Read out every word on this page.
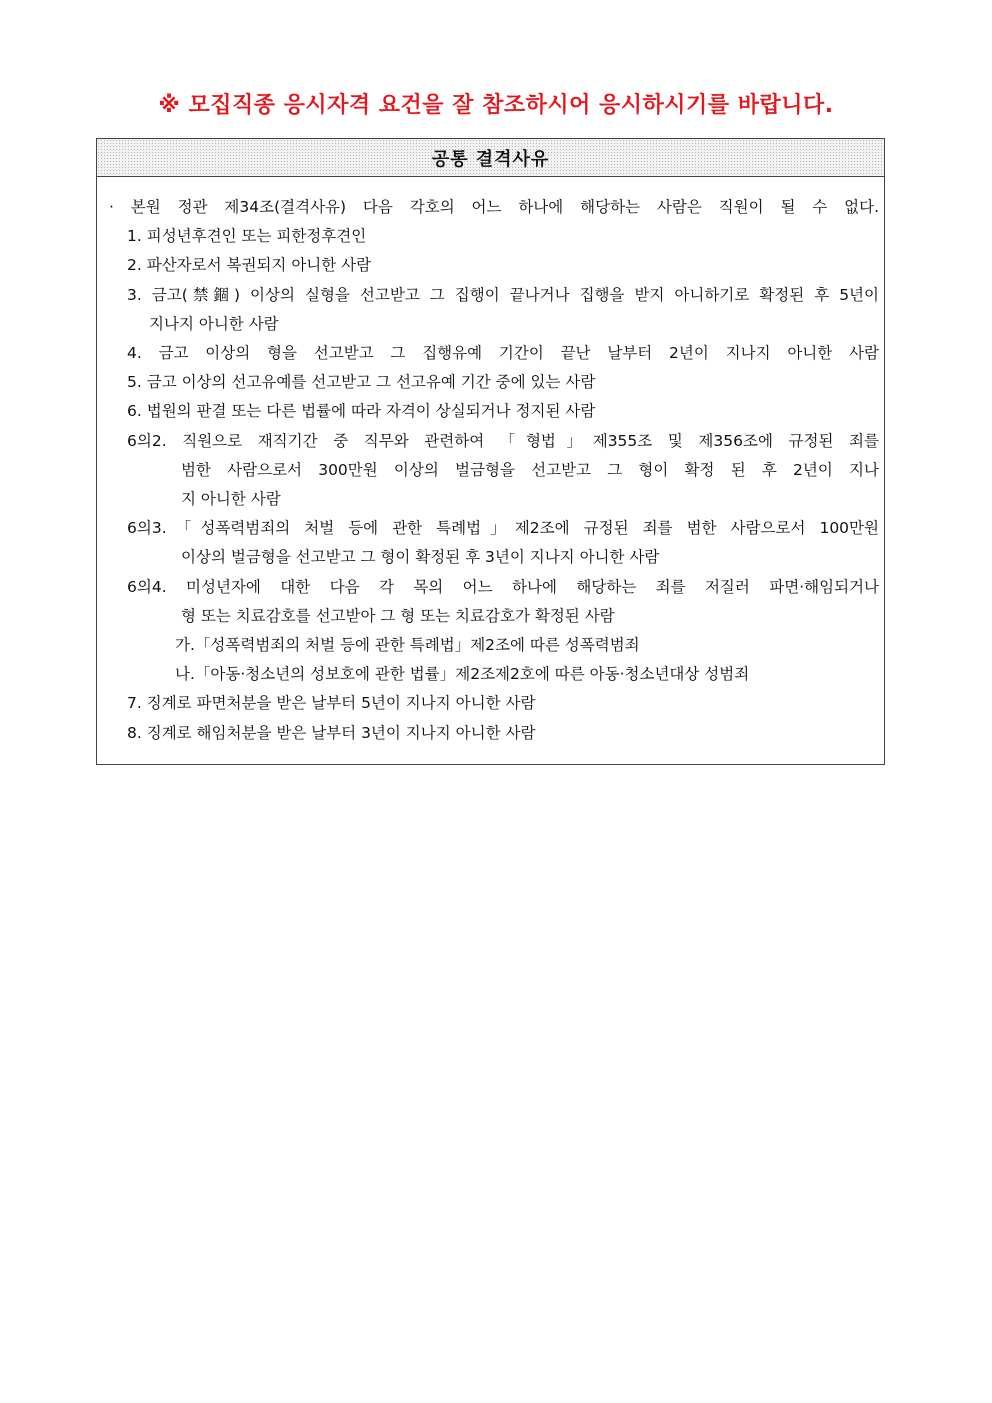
※ 모집직종 응시자격 요건을 잘 참조하시어 응시하시기를 바랍니다.
공통 결격사유
· 본원 정관 제34조(결격사유) 다음 각호의 어느 하나에 해당하는 사람은 직원이 될 수 없다.
1. 피성년후견인 또는 피한정후견인
2. 파산자로서 복권되지 아니한 사람
3. 금고(禁錮) 이상의 실형을 선고받고 그 집행이 끝나거나 집행을 받지 아니하기로 확정된 후 5년이
지나지 아니한 사람
4. 금고 이상의 형을 선고받고 그 집행유예 기간이 끝난 날부터 2년이 지나지 아니한 사람
5. 금고 이상의 선고유예를 선고받고 그 선고유예 기간 중에 있는 사람
6. 법원의 판결 또는 다른 법률에 따라 자격이 상실되거나 정지된 사람
6의2. 직원으로 재직기간 중 직무와 관련하여 「형법」제355조 및 제356조에 규정된 죄를
범한 사람으로서 300만원 이상의 벌금형을 선고받고 그 형이 확정 된 후 2년이 지나
지 아니한 사람
6의3.「성폭력범죄의 처벌 등에 관한 특례법」제2조에 규정된 죄를 범한 사람으로서 100만원
이상의 벌금형을 선고받고 그 형이 확정된 후 3년이 지나지 아니한 사람
6의4. 미성년자에 대한 다음 각 목의 어느 하나에 해당하는 죄를 저질러 파면·해임되거나
형 또는 치료감호를 선고받아 그 형 또는 치료감호가 확정된 사람
가.「성폭력범죄의 처벌 등에 관한 특례법」제2조에 따른 성폭력범죄
나.「아동·청소년의 성보호에 관한 법률」제2조제2호에 따른 아동·청소년대상 성범죄
7. 징계로 파면처분을 받은 날부터 5년이 지나지 아니한 사람
8. 징계로 해임처분을 받은 날부터 3년이 지나지 아니한 사람
